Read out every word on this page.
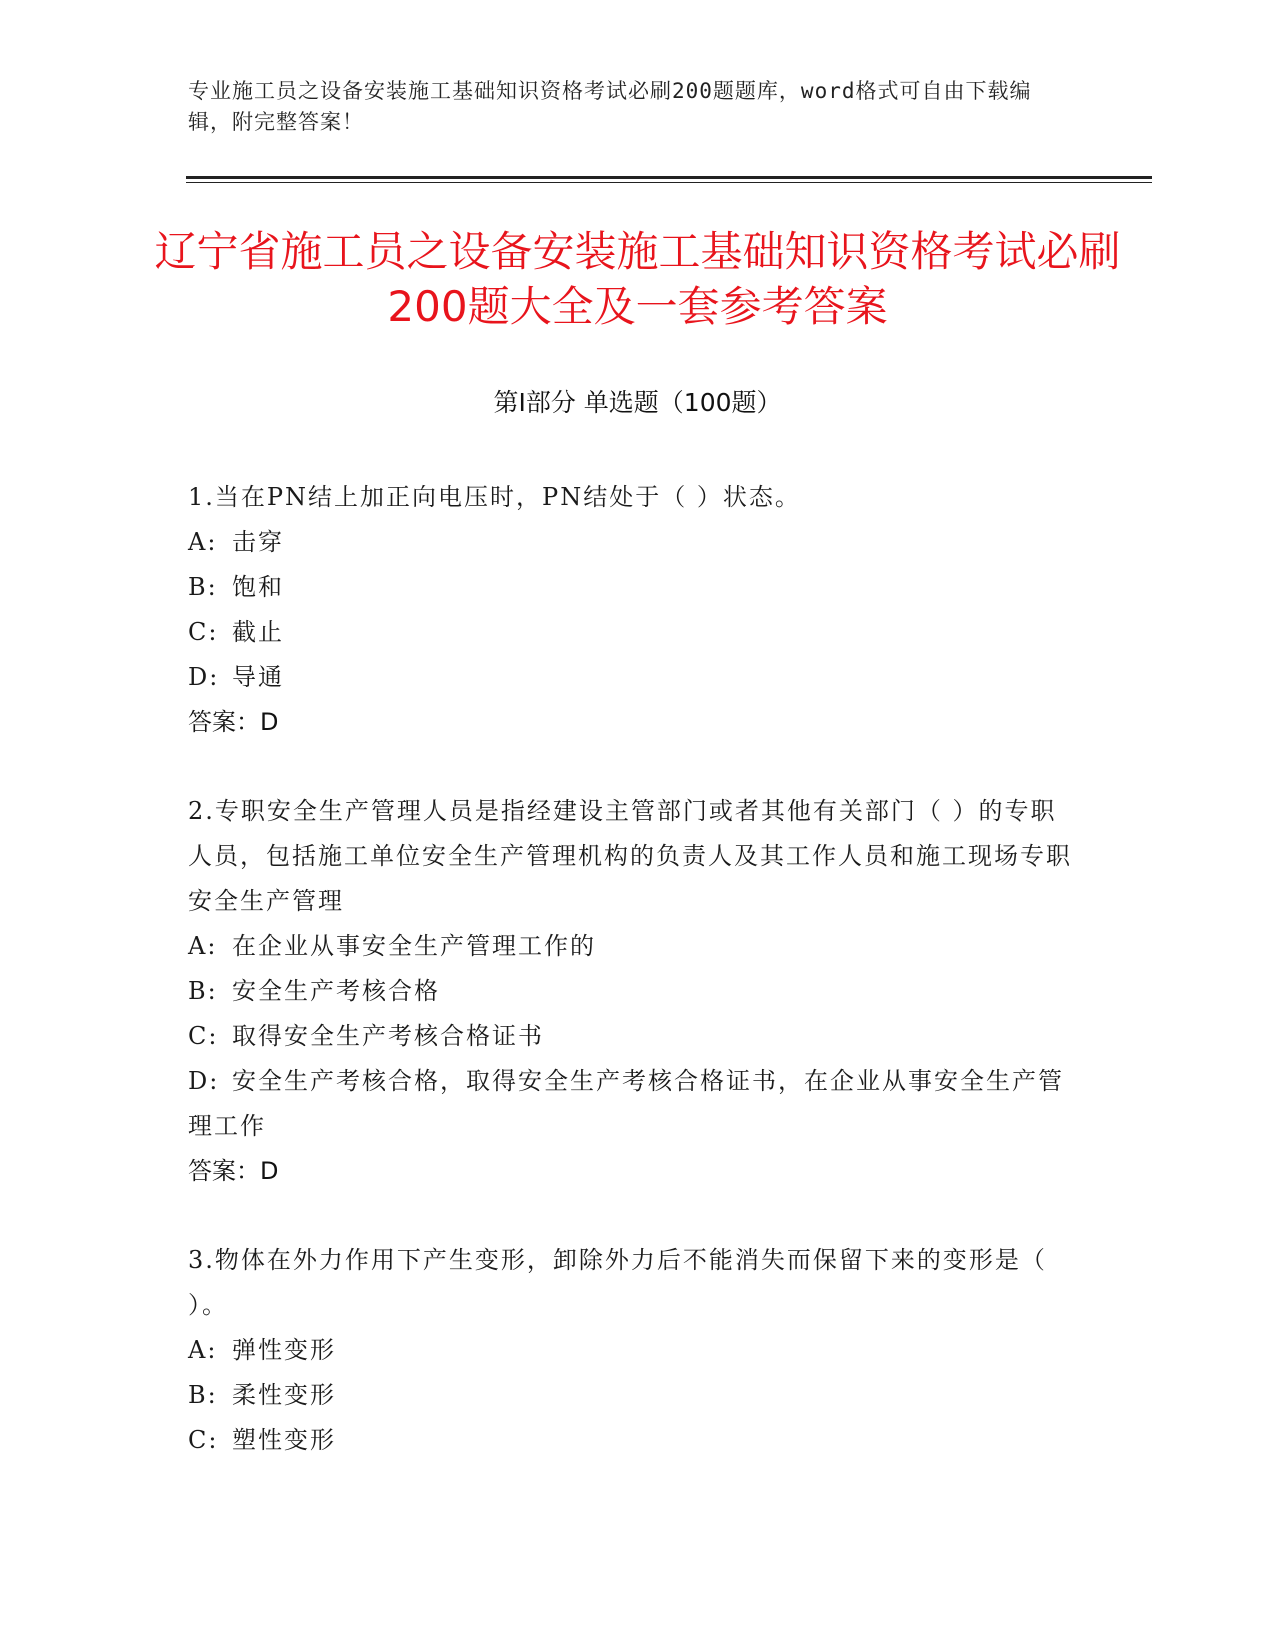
专业施工员之设备安装施工基础知识资格考试必刷200题题库，word格式可自由下载编辑，附完整答案！
辽宁省施工员之设备安装施工基础知识资格考试必刷200题大全及一套参考答案
第Ⅰ部分 单选题（100题）

1.当在PN结上加正向电压时，PN结处于（ ）状态。

A: 击穿

B: 饱和

C: 截止

D: 导通

答案：D

2.专职安全生产管理人员是指经建设主管部门或者其他有关部门（ ）的专职人员，包括施工单位安全生产管理机构的负责人及其工作人员和施工现场专职安全生产管理

A: 在企业从事安全生产管理工作的

B: 安全生产考核合格

C: 取得安全生产考核合格证书

D: 安全生产考核合格，取得安全生产考核合格证书，在企业从事安全生产管理工作

答案：D

3.物体在外力作用下产生变形，卸除外力后不能消失而保留下来的变形是（ ）。

A: 弹性变形

B: 柔性变形

C: 塑性变形
